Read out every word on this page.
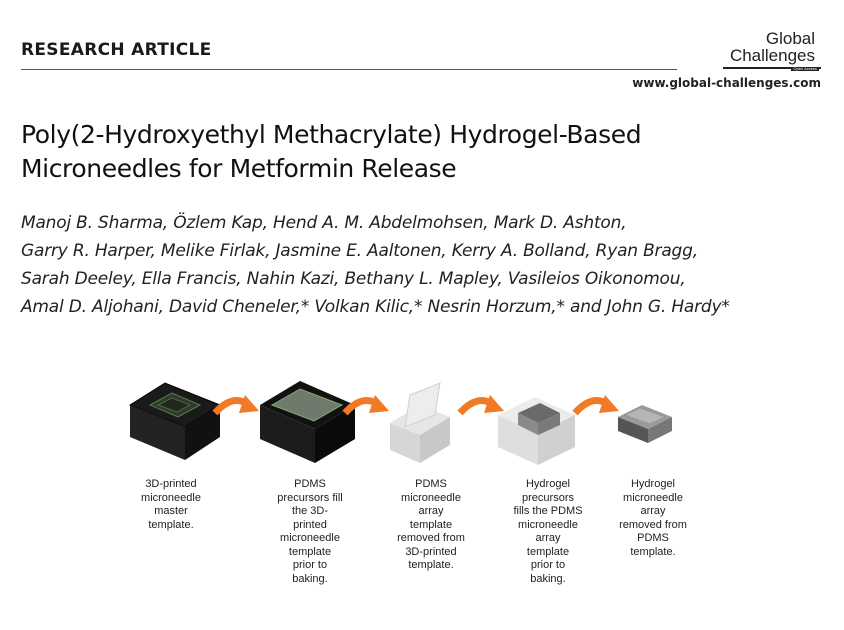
RESEARCH ARTICLE
Global
Challenges
Open Access
www.global-challenges.com
Poly(2-Hydroxyethyl Methacrylate) Hydrogel-Based
Microneedles for Metformin Release
Manoj B. Sharma, Özlem Kap, Hend A. M. Abdelmohsen, Mark D. Ashton,
Garry R. Harper, Melike Firlak, Jasmine E. Aaltonen, Kerry A. Bolland, Ryan Bragg,
Sarah Deeley, Ella Francis, Nahin Kazi, Bethany L. Mapley, Vasileios Oikonomou,
Amal D. Aljohani, David Cheneler,* Volkan Kilic,* Nesrin Horzum,* and John G. Hardy*
3D-printed
microneedle
master
template.
PDMS
precursors fill
the 3D-
printed
microneedle
template
prior to
baking.
PDMS
microneedle
array
template
removed from
3D-printed
template.
Hydrogel
precursors
fills the PDMS
microneedle
array
template
prior to
baking.
Hydrogel
microneedle
array
removed from
PDMS
template.
